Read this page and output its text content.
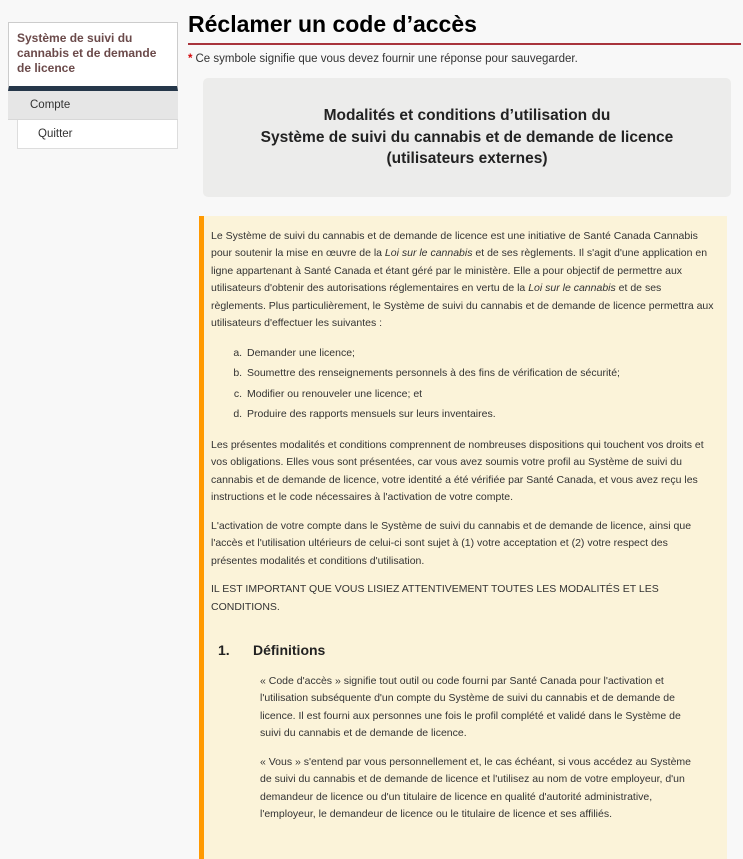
Système de suivi du cannabis et de demande de licence
Compte
Quitter
Réclamer un code d’accès
* Ce symbole signifie que vous devez fournir une réponse pour sauvegarder.
Modalités et conditions d’utilisation du
Système de suivi du cannabis et de demande de licence
(utilisateurs externes)

Le Système de suivi du cannabis et de demande de licence est une initiative de Santé Canada Cannabis pour soutenir la mise en œuvre de la Loi sur le cannabis et de ses règlements. Il s'agit d'une application en ligne appartenant à Santé Canada et étant géré par le ministère. Elle a pour objectif de permettre aux utilisateurs d'obtenir des autorisations réglementaires en vertu de la Loi sur le cannabis et de ses règlements. Plus particulièrement, le Système de suivi du cannabis et de demande de licence permettra aux utilisateurs d'effectuer les suivantes :

a. Demander une licence;
b. Soumettre des renseignements personnels à des fins de vérification de sécurité;
c. Modifier ou renouveler une licence; et
d. Produire des rapports mensuels sur leurs inventaires.

Les présentes modalités et conditions comprennent de nombreuses dispositions qui touchent vos droits et vos obligations. Elles vous sont présentées, car vous avez soumis votre profil au Système de suivi du cannabis et de demande de licence, votre identité a été vérifiée par Santé Canada, et vous avez reçu les instructions et le code nécessaires à l'activation de votre compte.

L'activation de votre compte dans le Système de suivi du cannabis et de demande de licence, ainsi que l'accès et l'utilisation ultérieurs de celui-ci sont sujet à (1) votre acceptation et (2) votre respect des présentes modalités et conditions d'utilisation.

IL EST IMPORTANT QUE VOUS LISIEZ ATTENTIVEMENT TOUTES LES MODALITÉS ET LES CONDITIONS.

1.	Définitions

« Code d'accès » signifie tout outil ou code fourni par Santé Canada pour l'activation et l'utilisation subséquente d'un compte du Système de suivi du cannabis et de demande de licence. Il est fourni aux personnes une fois le profil complété et validé dans le Système de suivi du cannabis et de demande de licence.

« Vous » s'entend par vous personnellement et, le cas échéant, si vous accédez au Système de suivi du cannabis et de demande de licence et l'utilisez au nom de votre employeur, d'un demandeur de licence ou d'un titulaire de licence en qualité d'autorité administrative, l'employeur, le demandeur de licence ou le titulaire de licence et ses affiliés.
